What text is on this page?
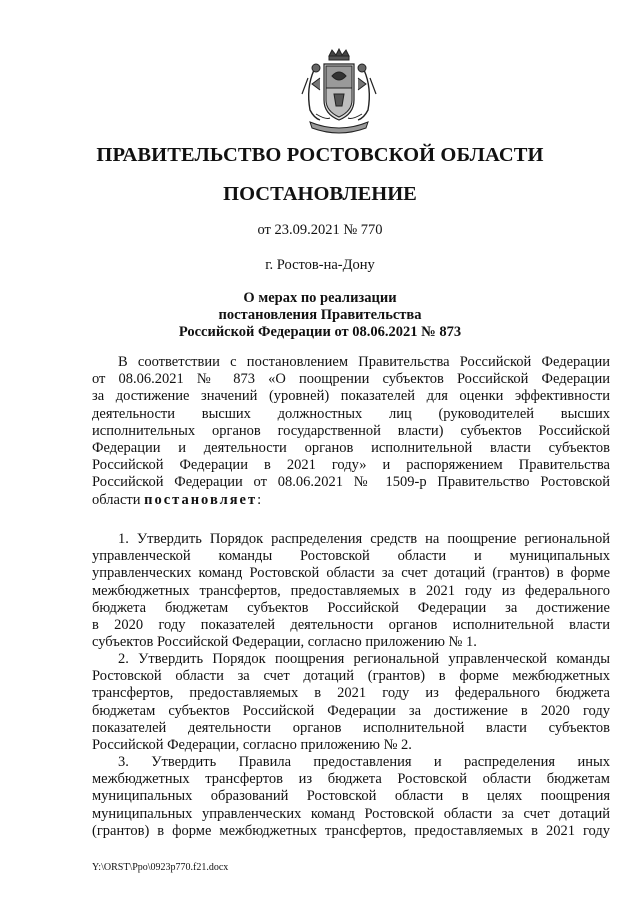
ПРАВИТЕЛЬСТВО РОСТОВСКОЙ ОБЛАСТИ
ПОСТАНОВЛЕНИЕ
от 23.09.2021 № 770
г. Ростов-на-Дону
О мерах по реализации
постановления Правительства
Российской Федерации от 08.06.2021 № 873
В соответствии с постановлением Правительства Российской Федерации
от 08.06.2021 № 873 «О поощрении субъектов Российской Федерации
за достижение значений (уровней) показателей для оценки эффективности
деятельности высших должностных лиц (руководителей высших
исполнительных органов государственной власти) субъектов Российской
Федерации и деятельности органов исполнительной власти субъектов
Российской Федерации в 2021 году» и распоряжением Правительства
Российской Федерации от 08.06.2021 № 1509-р Правительство Ростовской
области постановляет:
1. Утвердить Порядок распределения средств на поощрение региональной
управленческой команды Ростовской области и муниципальных
управленческих команд Ростовской области за счет дотаций (грантов) в форме
межбюджетных трансфертов, предоставляемых в 2021 году из федерального
бюджета бюджетам субъектов Российской Федерации за достижение
в 2020 году показателей деятельности органов исполнительной власти
субъектов Российской Федерации, согласно приложению № 1.
2. Утвердить Порядок поощрения региональной управленческой команды
Ростовской области за счет дотаций (грантов) в форме межбюджетных
трансфертов, предоставляемых в 2021 году из федерального бюджета
бюджетам субъектов Российской Федерации за достижение в 2020 году
показателей деятельности органов исполнительной власти субъектов
Российской Федерации, согласно приложению № 2.
3. Утвердить Правила предоставления и распределения иных
межбюджетных трансфертов из бюджета Ростовской области бюджетам
муниципальных образований Ростовской области в целях поощрения
муниципальных управленческих команд Ростовской области за счет дотаций
(грантов) в форме межбюджетных трансфертов, предоставляемых в 2021 году
Y:\ORST\Ppo\0923p770.f21.docx
